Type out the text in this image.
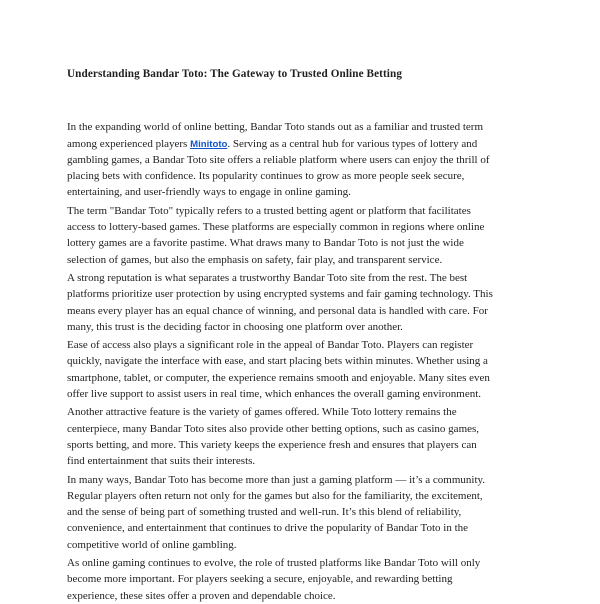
Understanding Bandar Toto: The Gateway to Trusted Online Betting

In the expanding world of online betting, Bandar Toto stands out as a familiar and trusted term
among experienced players Minitoto. Serving as a central hub for various types of lottery and
gambling games, a Bandar Toto site offers a reliable platform where users can enjoy the thrill of
placing bets with confidence. Its popularity continues to grow as more people seek secure,
entertaining, and user-friendly ways to engage in online gaming.

The term "Bandar Toto" typically refers to a trusted betting agent or platform that facilitates
access to lottery-based games. These platforms are especially common in regions where online
lottery games are a favorite pastime. What draws many to Bandar Toto is not just the wide
selection of games, but also the emphasis on safety, fair play, and transparent service.

A strong reputation is what separates a trustworthy Bandar Toto site from the rest. The best
platforms prioritize user protection by using encrypted systems and fair gaming technology. This
means every player has an equal chance of winning, and personal data is handled with care. For
many, this trust is the deciding factor in choosing one platform over another.

Ease of access also plays a significant role in the appeal of Bandar Toto. Players can register
quickly, navigate the interface with ease, and start placing bets within minutes. Whether using a
smartphone, tablet, or computer, the experience remains smooth and enjoyable. Many sites even
offer live support to assist users in real time, which enhances the overall gaming environment.

Another attractive feature is the variety of games offered. While Toto lottery remains the
centerpiece, many Bandar Toto sites also provide other betting options, such as casino games,
sports betting, and more. This variety keeps the experience fresh and ensures that players can
find entertainment that suits their interests.

In many ways, Bandar Toto has become more than just a gaming platform — it’s a community.
Regular players often return not only for the games but also for the familiarity, the excitement,
and the sense of being part of something trusted and well-run. It’s this blend of reliability,
convenience, and entertainment that continues to drive the popularity of Bandar Toto in the
competitive world of online gambling.

As online gaming continues to evolve, the role of trusted platforms like Bandar Toto will only
become more important. For players seeking a secure, enjoyable, and rewarding betting
experience, these sites offer a proven and dependable choice.
